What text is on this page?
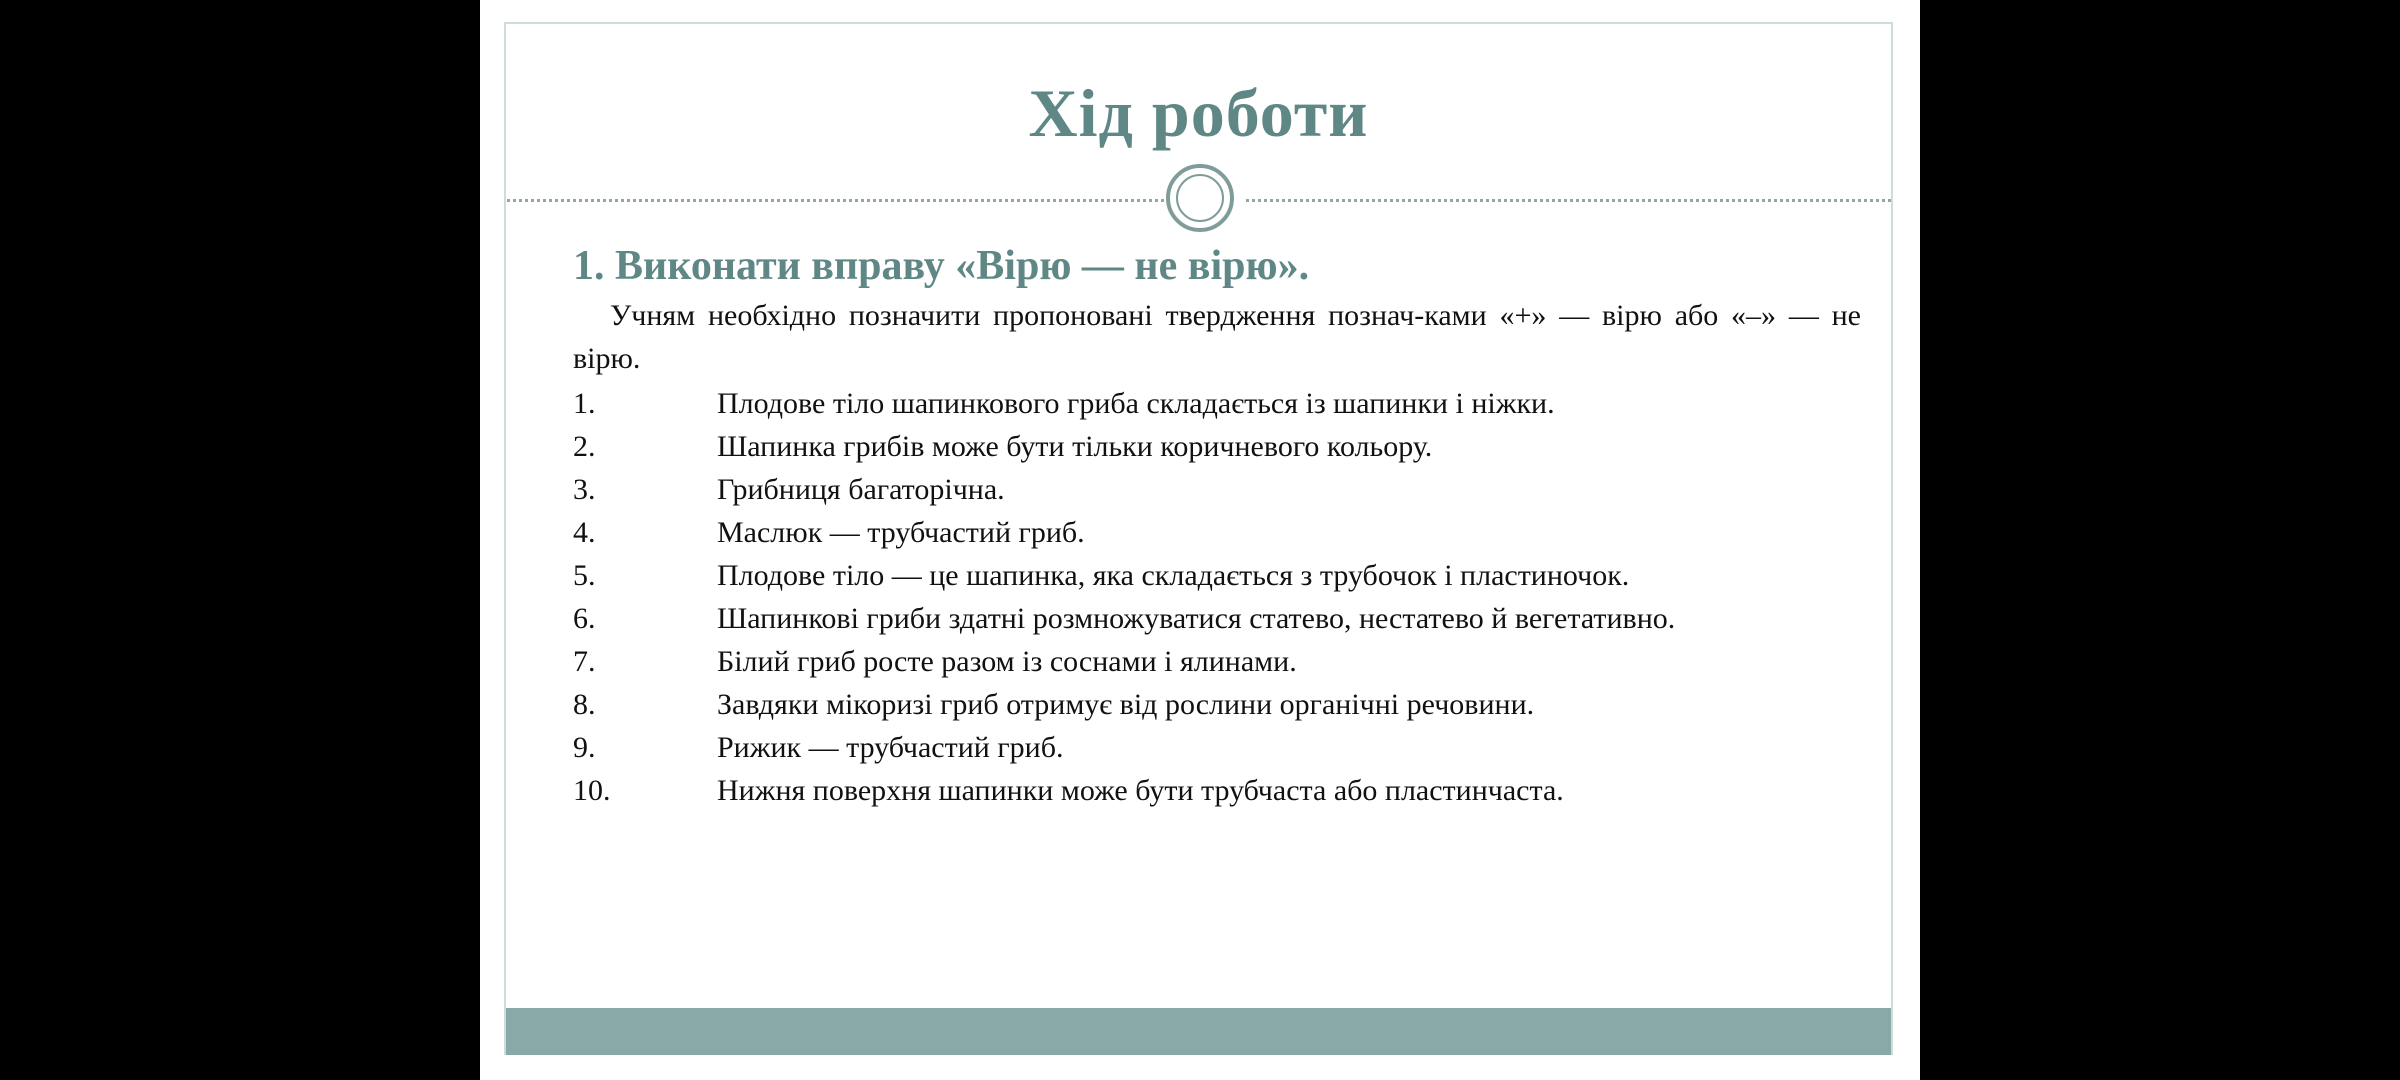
Хід роботи
1. Виконати вправу «Вірю — не вірю».
Учням необхідно позначити пропоновані твердження познач-ками «+» — вірю або «–» — не вірю.
1.	Плодове тіло шапинкового гриба складається із шапинки і ніжки.
2.	Шапинка грибів може бути тільки коричневого кольору.
3.	Грибниця багаторічна.
4.	Маслюк — трубчастий гриб.
5.	Плодове тіло — це шапинка, яка складається з трубочок і пластиночок.
6.	Шапинкові гриби здатні розмножуватися статево, нестатево й вегетативно.
7.	Білий гриб росте разом із соснами і ялинами.
8.	Завдяки мікоризі гриб отримує від рослини органічні речовини.
9.	Рижик — трубчастий гриб.
10.	Нижня поверхня шапинки може бути трубчаста або пластинчаста.
